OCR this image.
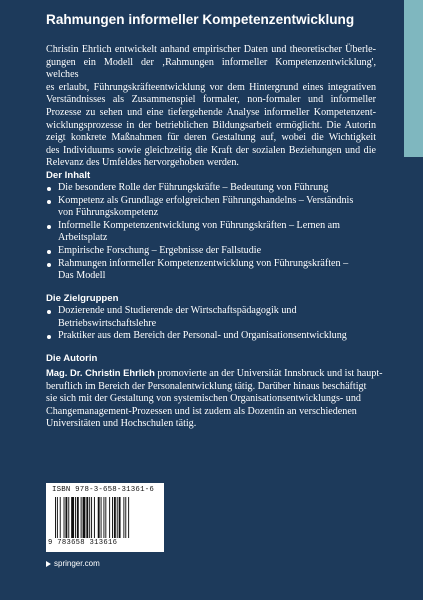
Rahmungen informeller Kompetenzentwicklung

Christin Ehrlich entwickelt anhand empirischer Daten und theoretischer Überle-
gungen ein Modell der ‚Rahmungen informeller Kompetenzentwicklung', welches
es erlaubt, Führungskräfteentwicklung vor dem Hintergrund eines integrativen
Verständnisses als Zusammenspiel formaler, non-formaler und informeller
Prozesse zu sehen und eine tiefergehende Analyse informeller Kompetenzent-
wicklungsprozesse in der betrieblichen Bildungsarbeit ermöglicht. Die Autorin
zeigt konkrete Maßnahmen für deren Gestaltung auf, wobei die Wichtigkeit
des Individuums sowie gleichzeitig die Kraft der sozialen Beziehungen und die
Relevanz des Umfeldes hervorgehoben werden.

Der Inhalt
Die besondere Rolle der Führungskräfte – Bedeutung von Führung
Kompetenz als Grundlage erfolgreichen Führungshandelns – Verständnis
von Führungskompetenz
Informelle Kompetenzentwicklung von Führungskräften – Lernen am
Arbeitsplatz
Empirische Forschung – Ergebnisse der Fallstudie
Rahmungen informeller Kompetenzentwicklung von Führungskräften –
Das Modell
Die Zielgruppen
Dozierende und Studierende der Wirtschaftspädagogik und
Betriebswirtschaftslehre
Praktiker aus dem Bereich der Personal- und Organisationsentwicklung
Die Autorin

Mag. Dr. Christin Ehrlich promovierte an der Universität Innsbruck und ist haupt-
beruflich im Bereich der Personalentwicklung tätig. Darüber hinaus beschäftigt
sie sich mit der Gestaltung von systemischen Organisationsentwicklungs- und
Changemanagement-Prozessen und ist zudem als Dozentin an verschiedenen
Universitäten und Hochschulen tätig.

ISBN 978-3-658-31361-6
9 783658 313616
springer.com
